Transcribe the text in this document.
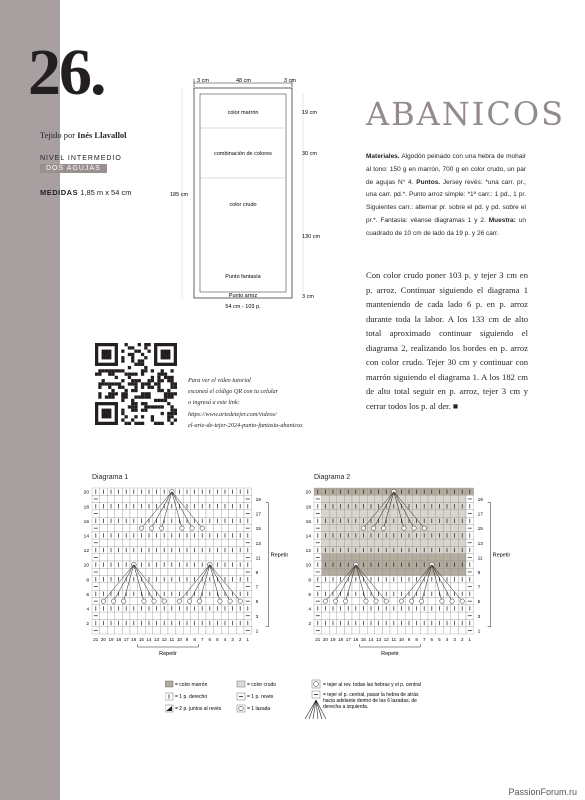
26.
Tejido por Inés Llavallol
NIVEL INTERMEDIO
DOS AGUJAS
MEDIDAS 1,85 m x 54 cm
3 cm	48 cm	3 cm
color marrón	19 cm
combinación de colores	30 cm
color crudo
130 cm
Punto fantasía
Punto arroz	3 cm
185 cm
54 cm - 103 p.
ABANICOS
Materiales. Algodón peinado con una hebra de mohair al tono: 150 g en marrón, 700 g en color crudo, un par de agujas N° 4. Puntos. Jersey revés: *una carr. pr., una carr. pd.*. Punto arroz simple: *1ª carr.: 1 pd., 1 pr. Siguientes carr.: alternar pr. sobre el pd. y pd. sobre el pr.*. Fantasía: véanse diagramas 1 y 2. Muestra: un cuadrado de 10 cm de lado da 19 p. y 26 carr.
Con color crudo poner 103 p. y tejer 3 cm en p. arroz. Continuar siguiendo el diagrama 1 manteniendo de cada lado 6 p. en p. arroz durante toda la labor. A los 133 cm de alto total aproximado continuar siguiendo el diagrama 2, realizando los bordes en p. arroz con color crudo. Tejer 30 cm y continuar con marrón siguiendo el diagrama 1. A los 182 cm de alto total seguir en p. arroz, tejer 3 cm y cerrar todos los p. al der. ■
Para ver el video tutorial
escaneá el código QR con tu celular
o ingresá a este link:
https://www.artedetejer.com/videos/
el-arte-de-tejer-2024-punto-fantasia-abanicos
Diagrama 1	Diagrama 2
20
19
18
17
16
15
14
13
12
11
10
9
8
7
6
5
4
3
2
1
21 20 19 18 17 16 15 14 13 12 11 10 9 8 7 6 5 4 3 2 1
Repetir
Repetir
20
19
18
17
16
15
14
13
12
11
10
9
8
7
6
5
4
3
2
1
21 20 19 18 17 16 15 14 13 12 11 10 9 8 7 6 5 4 3 2 1
Repetir
Repetir
= color marrón	= color crudo	= tejer al rev. todas las hebras y el p. central
= 1 p. derecho	= 1 p. revés	= tejer el p. central, pasar la hebra de atrás
hacia adelante dentro de las 6 lazadas, de
derecha a izquierda.
= 2 p. juntos al revés	= 1 lazada
PassionForum.ru
